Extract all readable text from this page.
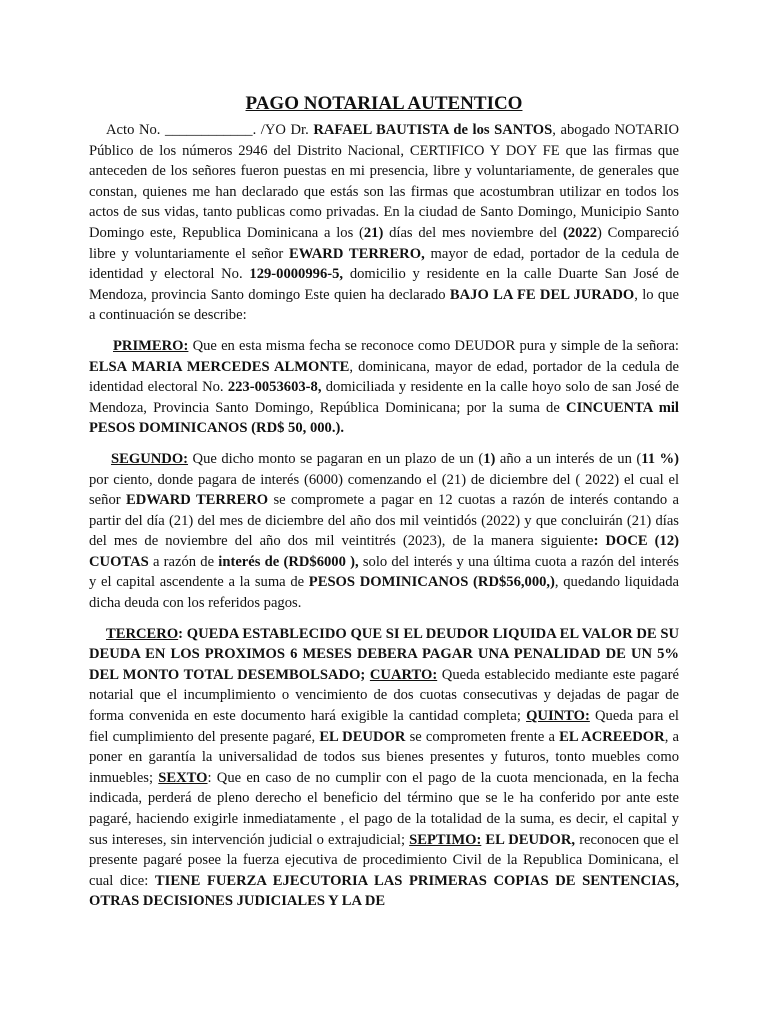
PAGO NOTARIAL AUTENTICO

Acto No. ____________. /YO Dr. RAFAEL BAUTISTA de los SANTOS, abogado NOTARIO Público de los números 2946 del Distrito Nacional, CERTIFICO Y DOY FE que las firmas que anteceden de los señores fueron puestas en mi presencia, libre y voluntariamente, de generales que constan, quienes me han declarado que estás son las firmas que acostumbran utilizar en todos los actos de sus vidas, tanto publicas como privadas. En la ciudad de Santo Domingo, Municipio Santo Domingo este, Republica Dominicana a los (21) días del mes noviembre del (2022) Compareció libre y voluntariamente el señor EWARD TERRERO, mayor de edad, portador de la cedula de identidad y electoral No. 129-0000996-5, domicilio y residente en la calle Duarte San José de Mendoza, provincia Santo domingo Este quien ha declarado BAJO LA FE DEL JURADO, lo que a continuación se describe:

PRIMERO: Que en esta misma fecha se reconoce como DEUDOR pura y simple de la señora: ELSA MARIA MERCEDES ALMONTE, dominicana, mayor de edad, portador de la cedula de identidad electoral No. 223-0053603-8, domiciliada y residente en la calle hoyo solo de san José de Mendoza, Provincia Santo Domingo, República Dominicana; por la suma de CINCUENTA mil PESOS DOMINICANOS (RD$ 50, 000.).

SEGUNDO: Que dicho monto se pagaran en un plazo de un (1) año a un interés de un (11 %) por ciento, donde pagara de interés (6000) comenzando el (21) de diciembre del ( 2022) el cual el señor EDWARD TERRERO se compromete a pagar en 12 cuotas a razón de interés contando a partir del día (21) del mes de diciembre del año dos mil veintidós (2022) y que concluirán (21) días del mes de noviembre del año dos mil veintitrés (2023), de la manera siguiente: DOCE (12) CUOTAS a razón de interés de (RD$6000 ), solo del interés y una última cuota a razón del interés y el capital ascendente a la suma de PESOS DOMINICANOS (RD$56,000,), quedando liquidada dicha deuda con los referidos pagos.

TERCERO: QUEDA ESTABLECIDO QUE SI EL DEUDOR LIQUIDA EL VALOR DE SU DEUDA EN LOS PROXIMOS 6 MESES DEBERA PAGAR UNA PENALIDAD DE UN 5% DEL MONTO TOTAL DESEMBOLSADO; CUARTO: Queda establecido mediante este pagaré notarial que el incumplimiento o vencimiento de dos cuotas consecutivas y dejadas de pagar de forma convenida en este documento hará exigible la cantidad completa; QUINTO: Queda para el fiel cumplimiento del presente pagaré, EL DEUDOR se comprometen frente a EL ACREEDOR, a poner en garantía la universalidad de todos sus bienes presentes y futuros, tonto muebles como inmuebles; SEXTO: Que en caso de no cumplir con el pago de la cuota mencionada, en la fecha indicada, perderá de pleno derecho el beneficio del término que se le ha conferido por ante este pagaré, haciendo exigirle inmediatamente , el pago de la totalidad de la suma, es decir, el capital y sus intereses, sin intervención judicial o extrajudicial; SEPTIMO: EL DEUDOR, reconocen que el presente pagaré posee la fuerza ejecutiva de procedimiento Civil de la Republica Dominicana, el cual dice: TIENE FUERZA EJECUTORIA LAS PRIMERAS COPIAS DE SENTENCIAS, OTRAS DECISIONES JUDICIALES Y LA DE
